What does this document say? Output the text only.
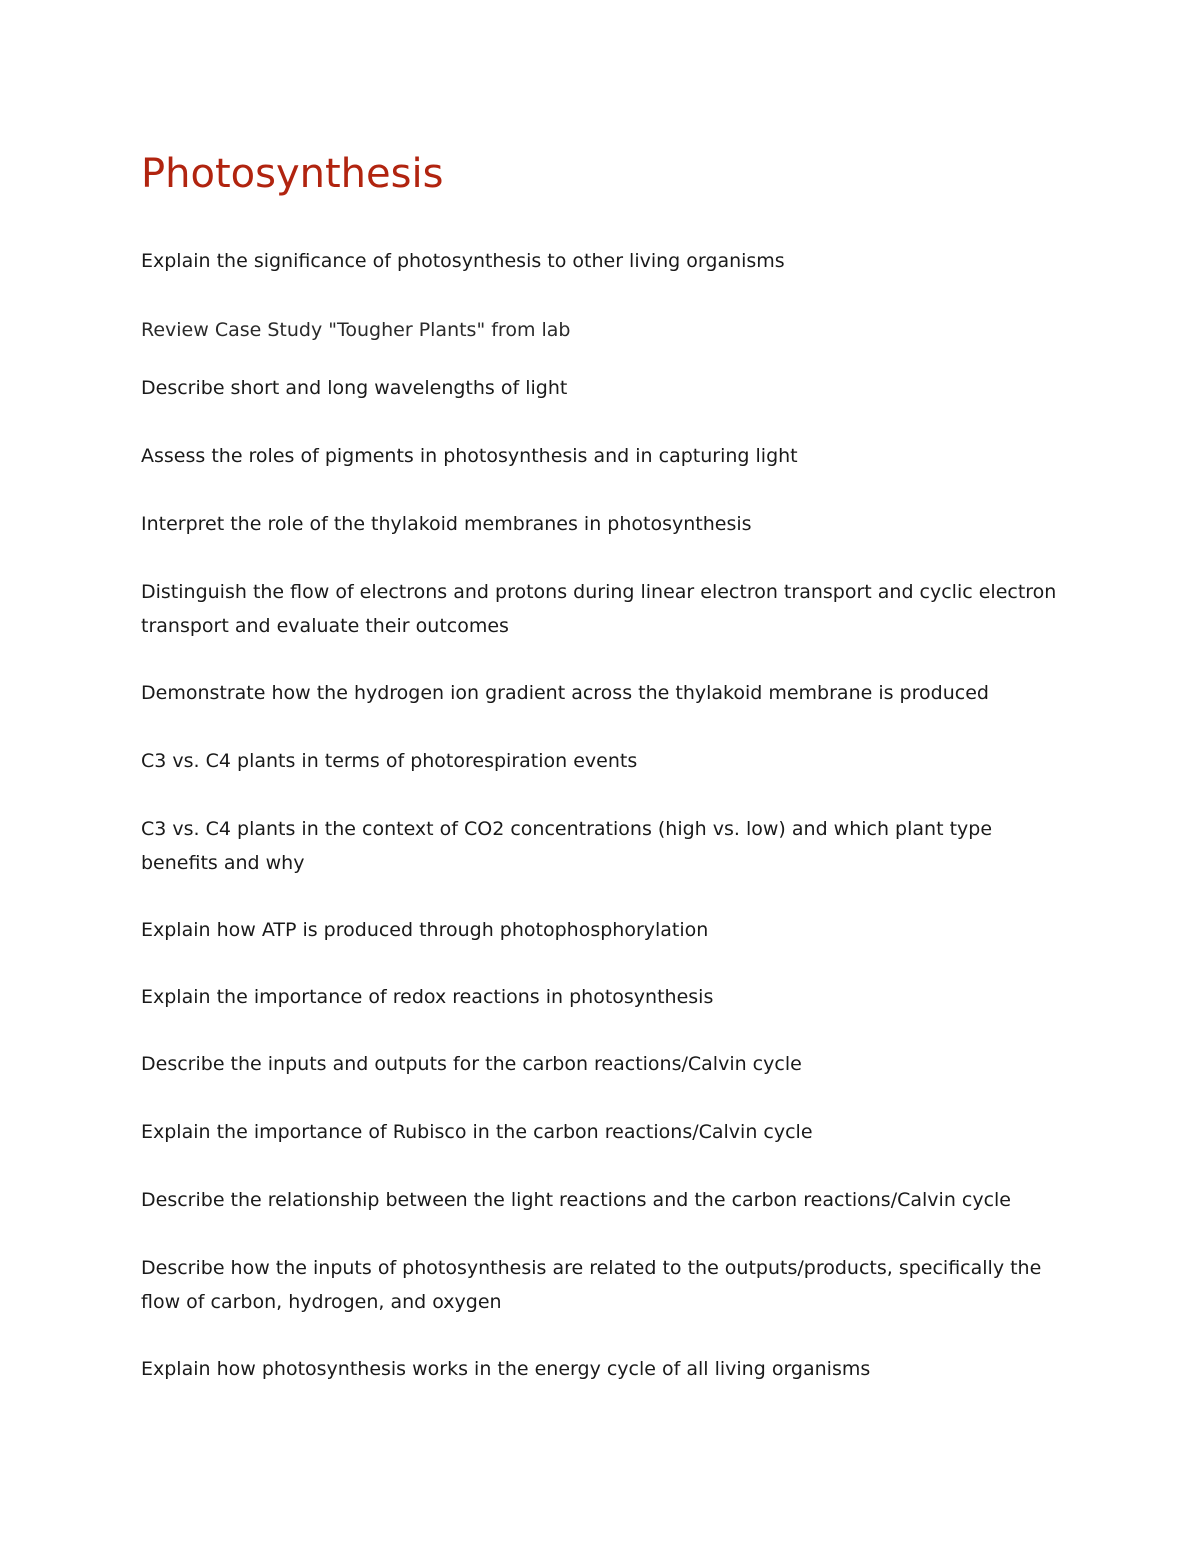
Photosynthesis

Explain the significance of photosynthesis to other living organisms

Review Case Study "Tougher Plants" from lab

Describe short and long wavelengths of light

Assess the roles of pigments in photosynthesis and in capturing light

Interpret the role of the thylakoid membranes in photosynthesis

Distinguish the flow of electrons and protons during linear electron transport and cyclic electron transport and evaluate their outcomes

Demonstrate how the hydrogen ion gradient across the thylakoid membrane is produced

C3 vs. C4 plants in terms of photorespiration events

C3 vs. C4 plants in the context of CO2 concentrations (high vs. low) and which plant type benefits and why

Explain how ATP is produced through photophosphorylation

Explain the importance of redox reactions in photosynthesis

Describe the inputs and outputs for the carbon reactions/Calvin cycle

Explain the importance of Rubisco in the carbon reactions/Calvin cycle

Describe the relationship between the light reactions and the carbon reactions/Calvin cycle

Describe how the inputs of photosynthesis are related to the outputs/products, specifically the flow of carbon, hydrogen, and oxygen

Explain how photosynthesis works in the energy cycle of all living organisms
